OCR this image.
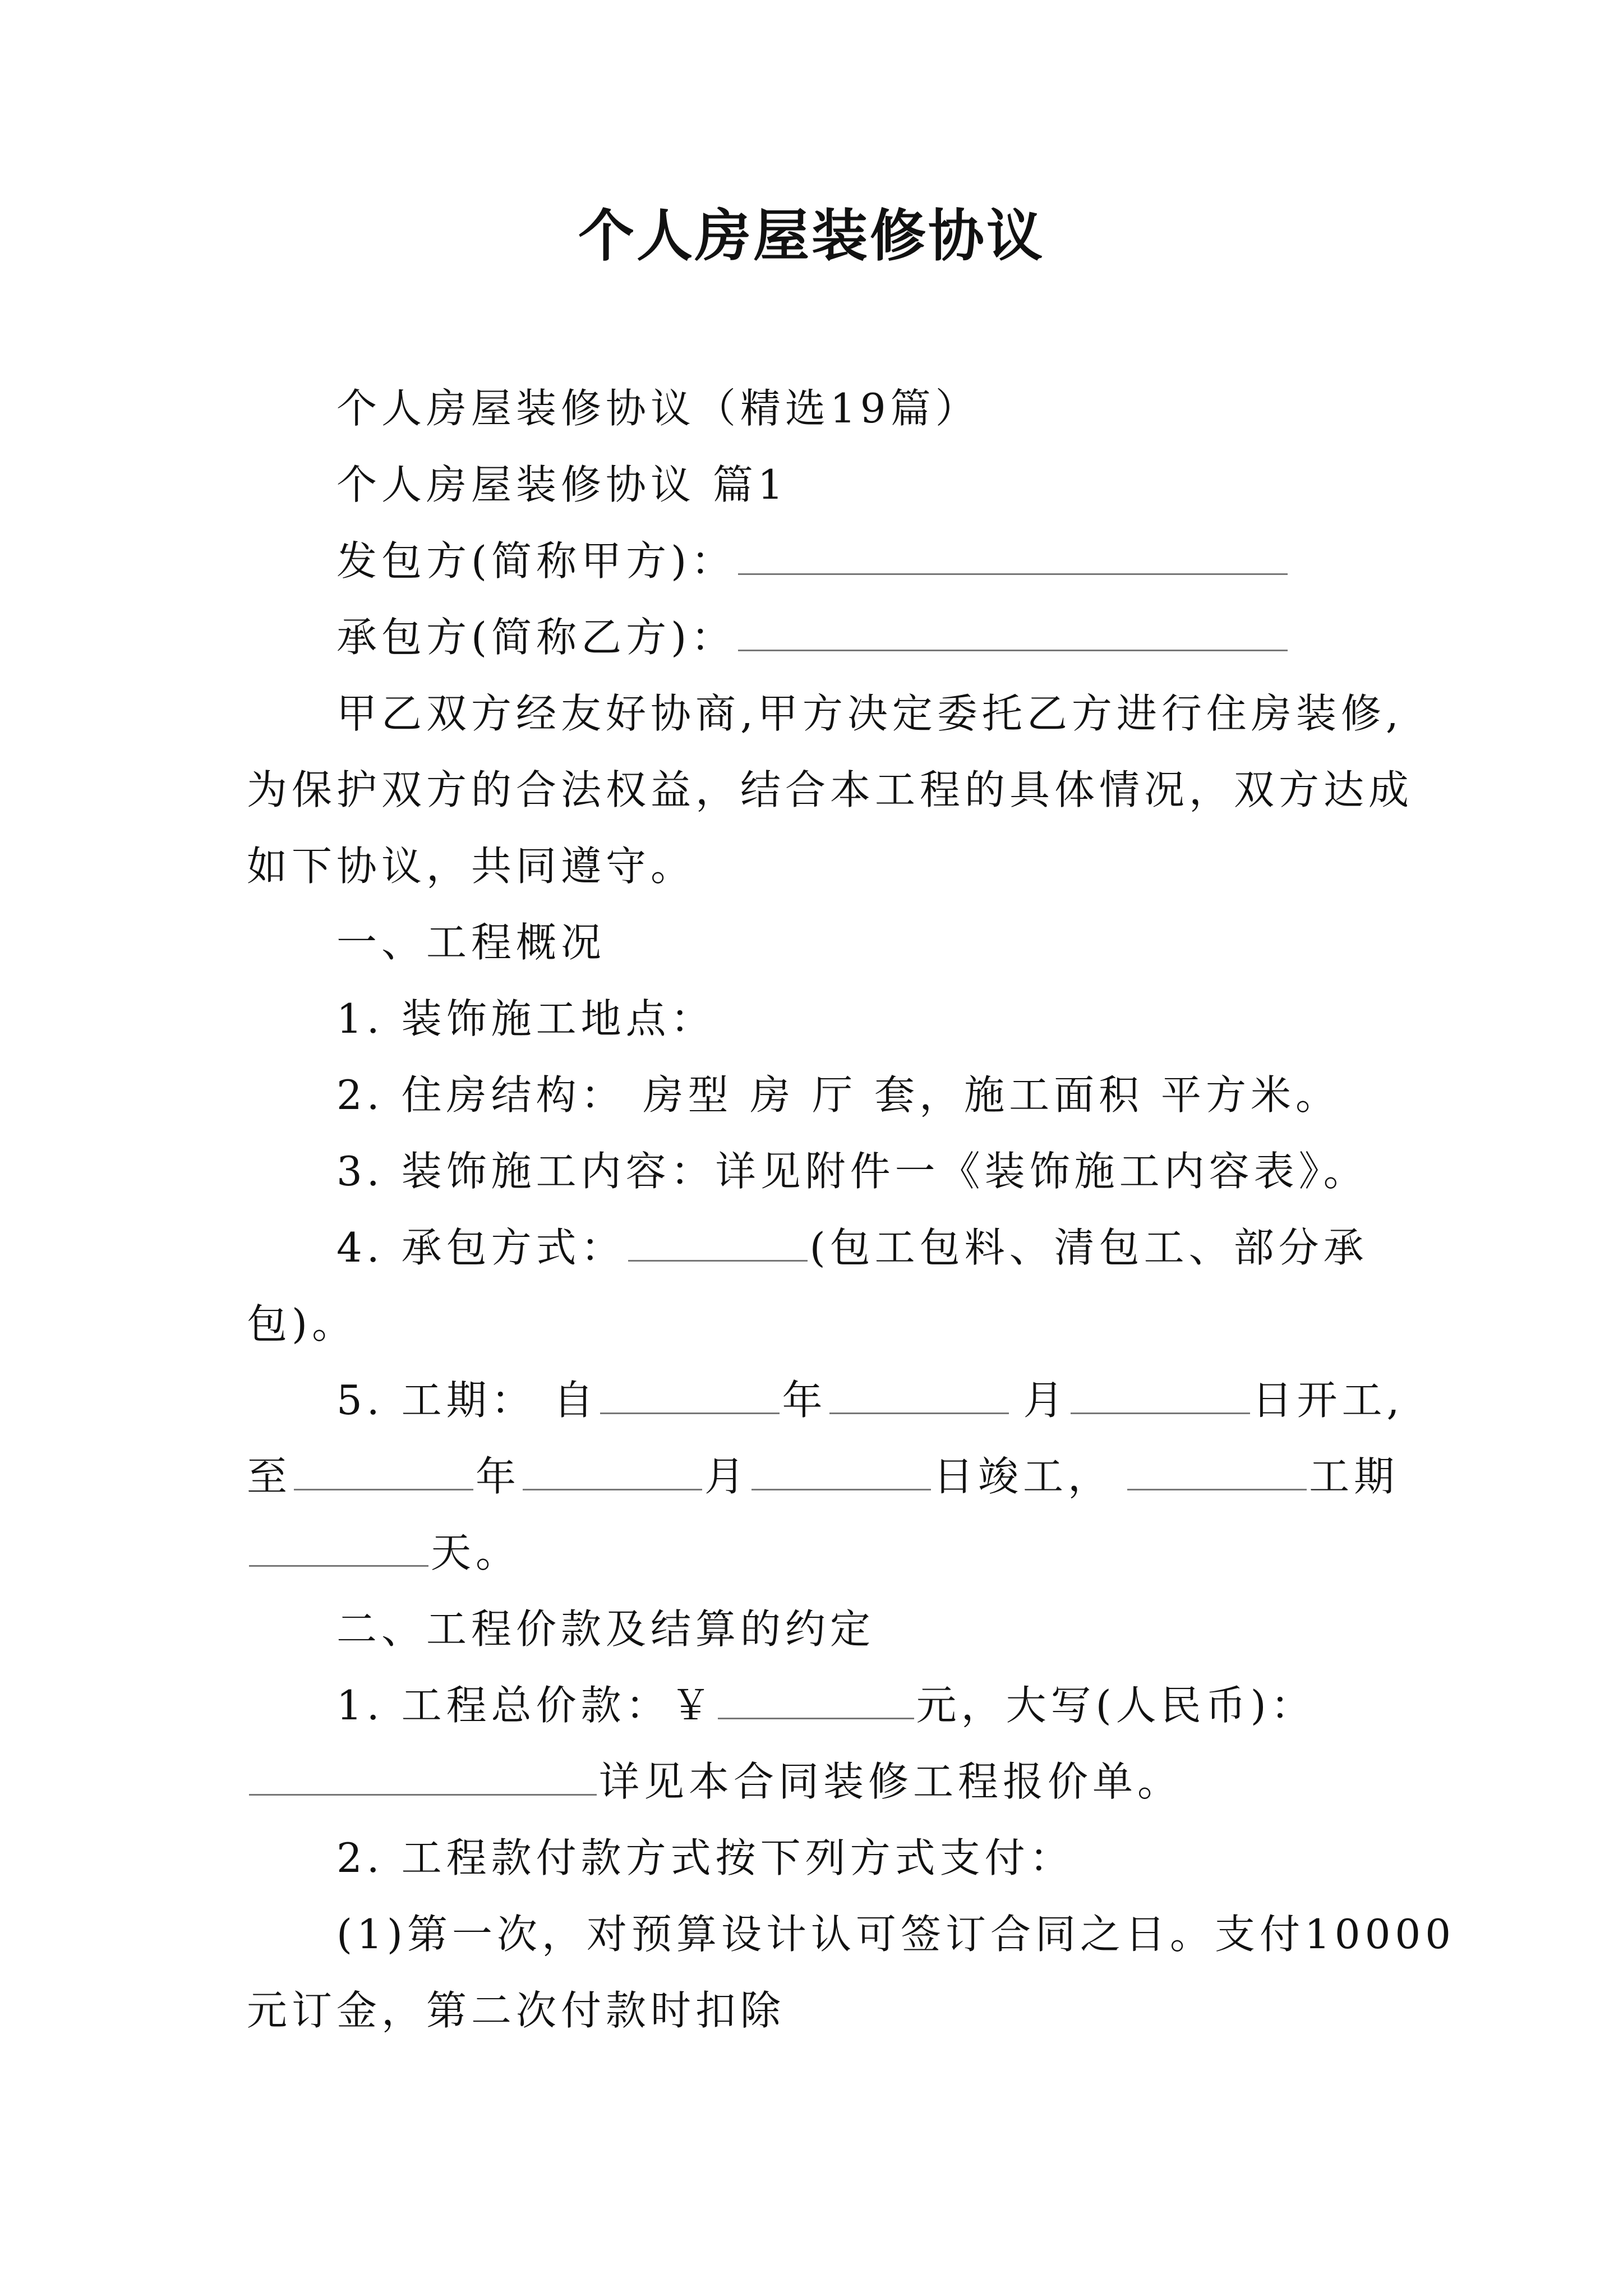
个人房屋装修协议

个人房屋装修协议（精选19篇）

个人房屋装修协议 篇1

发包方(简称甲方)：

承包方(简称乙方)：

甲乙双方经友好协商,甲方决定委托乙方进行住房装修,

为保护双方的合法权益，结合本工程的具体情况，双方达成

如下协议，共同遵守。

一、工程概况

1. 装饰施工地点：

2. 住房结构： 房型 房 厅 套，施工面积 平方米。

3. 装饰施工内容：详见附件一《装饰施工内容表》。

4. 承包方式：	(包工包料、清包工、部分承

包)。

5. 工期： 自	年	月	日开工,

至	年	月	日竣工，	工期

天。

二、工程价款及结算的约定

1. 工程总价款：￥	元，大写(人民币)：

详见本合同装修工程报价单。

2. 工程款付款方式按下列方式支付：

(1)第一次，对预算设计认可签订合同之日。支付10000

元订金，第二次付款时扣除
